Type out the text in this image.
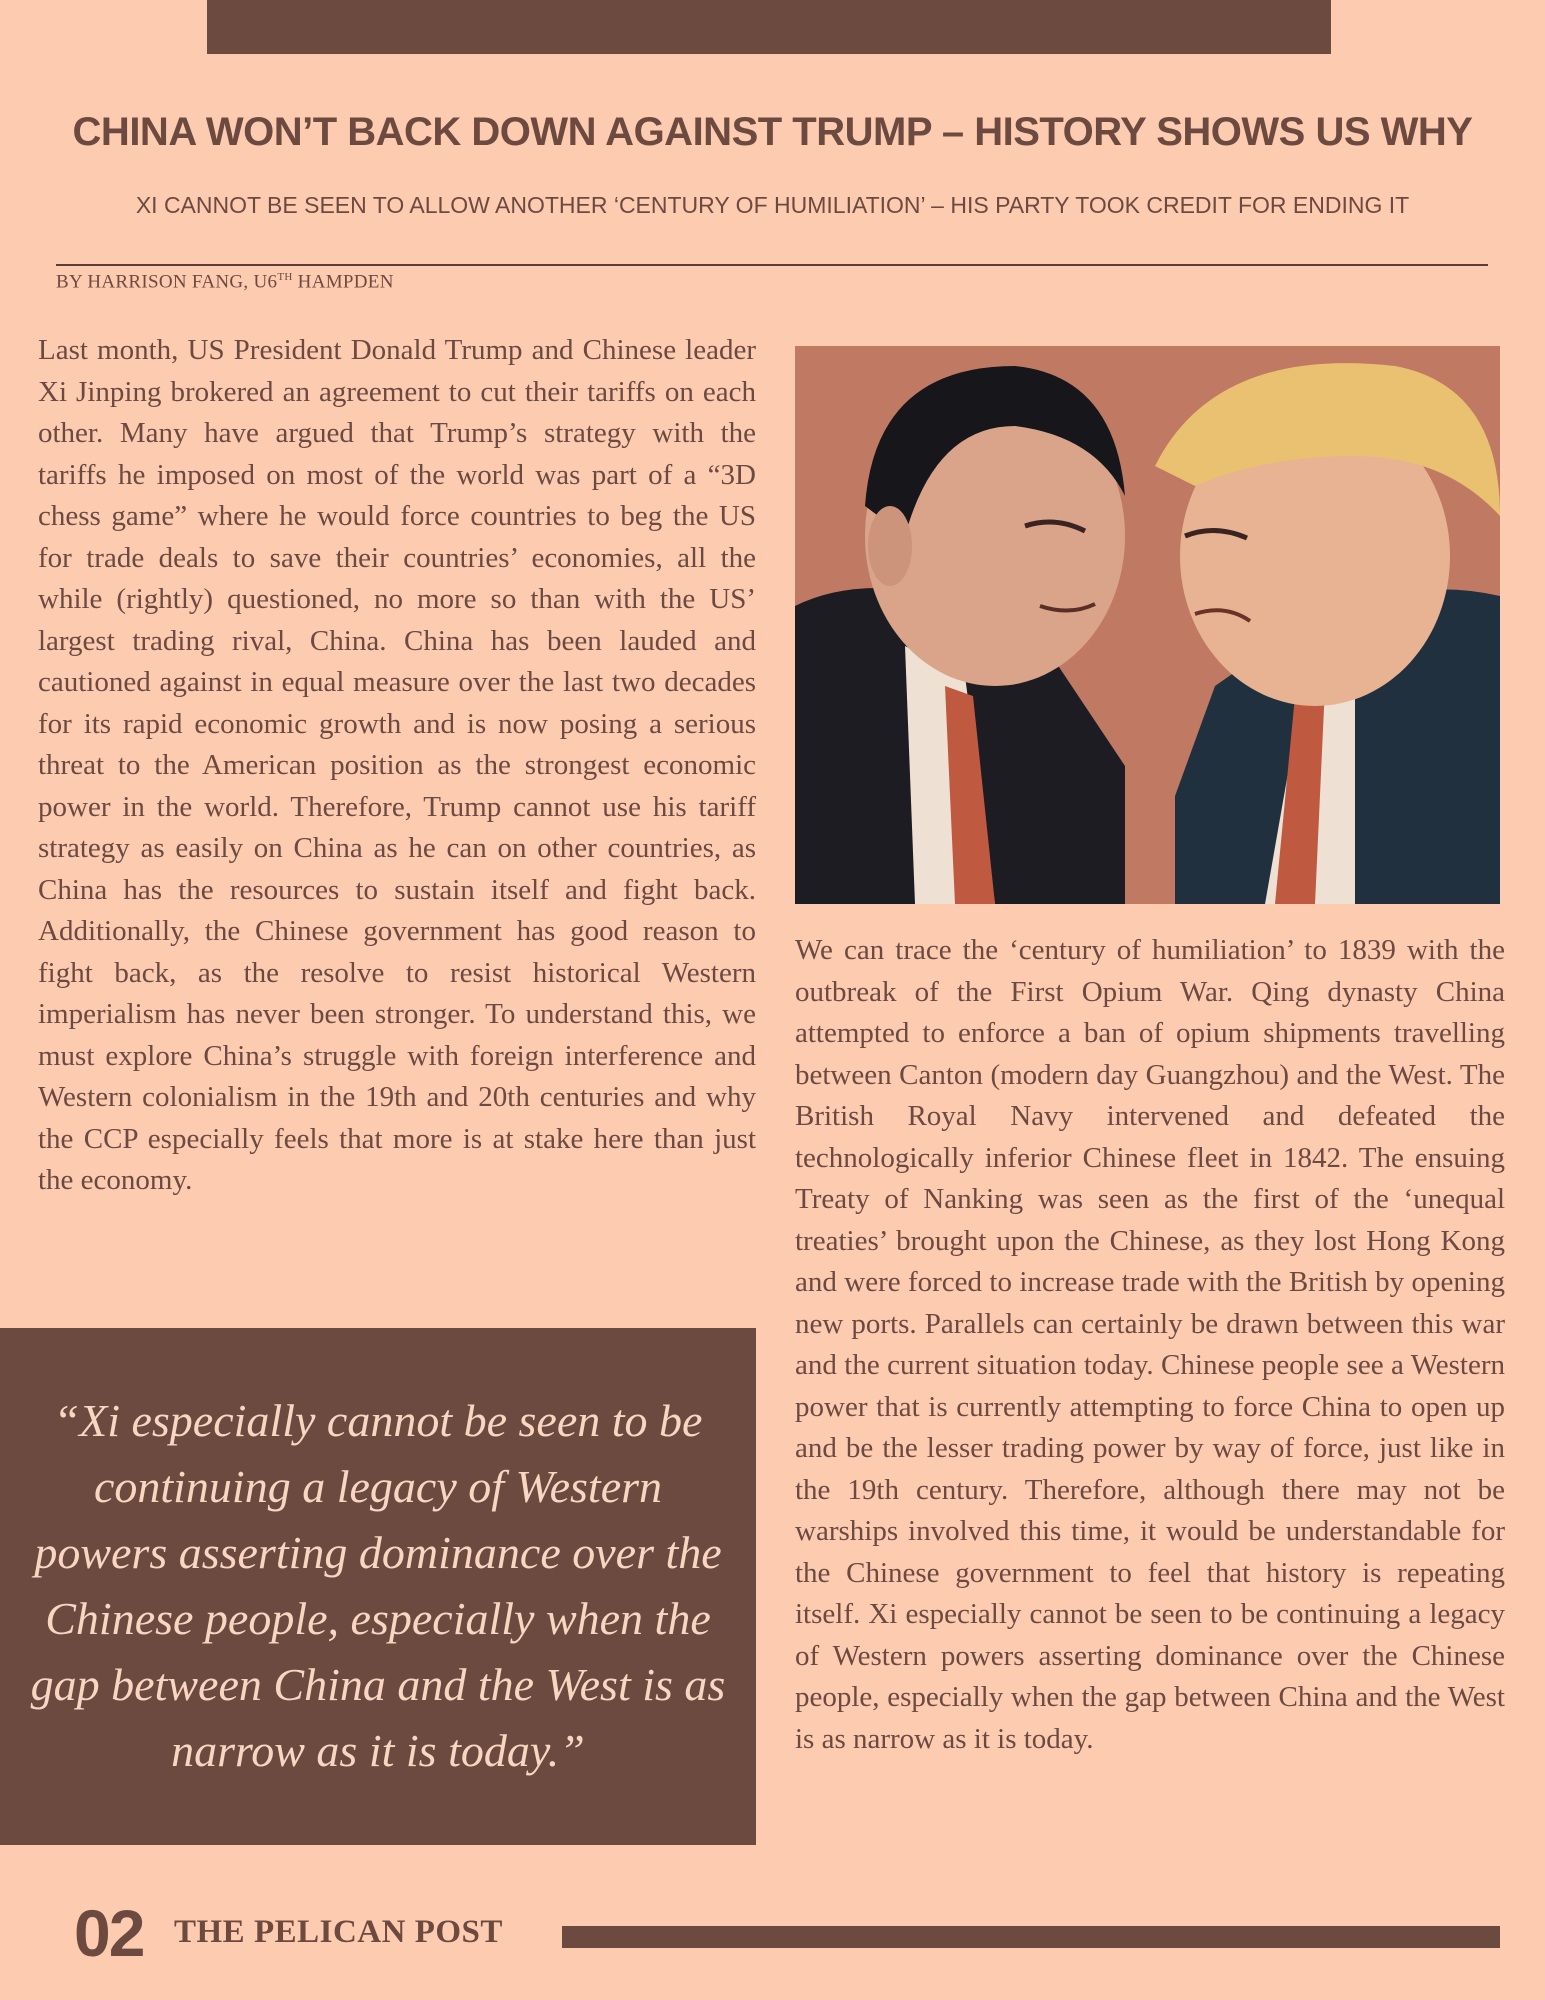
CHINA WON’T BACK DOWN AGAINST TRUMP – HISTORY SHOWS US WHY

XI CANNOT BE SEEN TO ALLOW ANOTHER ‘CENTURY OF HUMILIATION’ – HIS PARTY TOOK CREDIT FOR ENDING IT

BY HARRISON FANG, U6TH HAMPDEN

Last month, US President Donald Trump and Chinese leader Xi Jinping brokered an agreement to cut their tariffs on each other. Many have argued that Trump’s strategy with the tariffs he imposed on most of the world was part of a “3D chess game” where he would force countries to beg the US for trade deals to save their countries’ economies, all the while (rightly) questioned, no more so than with the US’ largest trading rival, China. China has been lauded and cautioned against in equal measure over the last two decades for its rapid economic growth and is now posing a serious threat to the American position as the strongest economic power in the world. Therefore, Trump cannot use his tariff strategy as easily on China as he can on other countries, as China has the resources to sustain itself and fight back. Additionally, the Chinese government has good reason to fight back, as the resolve to resist historical Western imperialism has never been stronger. To understand this, we must explore China’s struggle with foreign interference and Western colonialism in the 19th and 20th centuries and why the CCP especially feels that more is at stake here than just the economy.

We can trace the ‘century of humiliation’ to 1839 with the outbreak of the First Opium War. Qing dynasty China attempted to enforce a ban of opium shipments travelling between Canton (modern day Guangzhou) and the West. The British Royal Navy intervened and defeated the technologically inferior Chinese fleet in 1842. The ensuing Treaty of Nanking was seen as the first of the ‘unequal treaties’ brought upon the Chinese, as they lost Hong Kong and were forced to increase trade with the British by opening new ports. Parallels can certainly be drawn between this war and the current situation today. Chinese people see a Western power that is currently attempting to force China to open up and be the lesser trading power by way of force, just like in the 19th century. Therefore, although there may not be warships involved this time, it would be understandable for the Chinese government to feel that history is repeating itself. Xi especially cannot be seen to be continuing a legacy of Western powers asserting dominance over the Chinese people, especially when the gap between China and the West is as narrow as it is today.

“Xi especially cannot be seen to be continuing a legacy of Western powers asserting dominance over the Chinese people, especially when the gap between China and the West is as narrow as it is today.”

02 THE PELICAN POST
